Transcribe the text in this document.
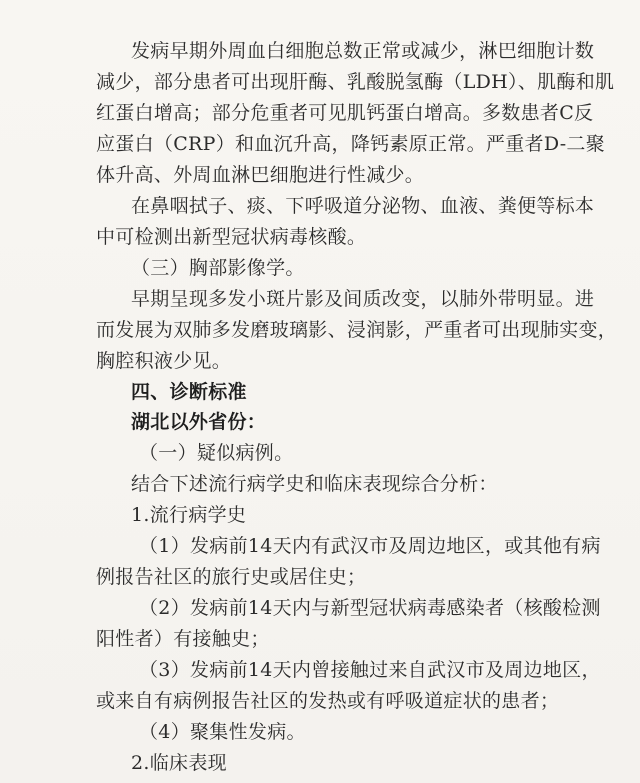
发病早期外周血白细胞总数正常或减少，淋巴细胞计数
减少，部分患者可出现肝酶、乳酸脱氢酶（LDH）、肌酶和肌
红蛋白增高；部分危重者可见肌钙蛋白增高。多数患者C反
应蛋白（CRP）和血沉升高，降钙素原正常。严重者D-二聚
体升高、外周血淋巴细胞进行性减少。
在鼻咽拭子、痰、下呼吸道分泌物、血液、粪便等标本
中可检测出新型冠状病毒核酸。
（三）胸部影像学。
早期呈现多发小斑片影及间质改变，以肺外带明显。进
而发展为双肺多发磨玻璃影、浸润影，严重者可出现肺实变，
胸腔积液少见。
四、诊断标准
湖北以外省份：
（一）疑似病例。
结合下述流行病学史和临床表现综合分析：
1.流行病学史
（1）发病前14天内有武汉市及周边地区，或其他有病
例报告社区的旅行史或居住史；
（2）发病前14天内与新型冠状病毒感染者（核酸检测
阳性者）有接触史；
（3）发病前14天内曾接触过来自武汉市及周边地区，
或来自有病例报告社区的发热或有呼吸道症状的患者；
（4）聚集性发病。
2.临床表现
